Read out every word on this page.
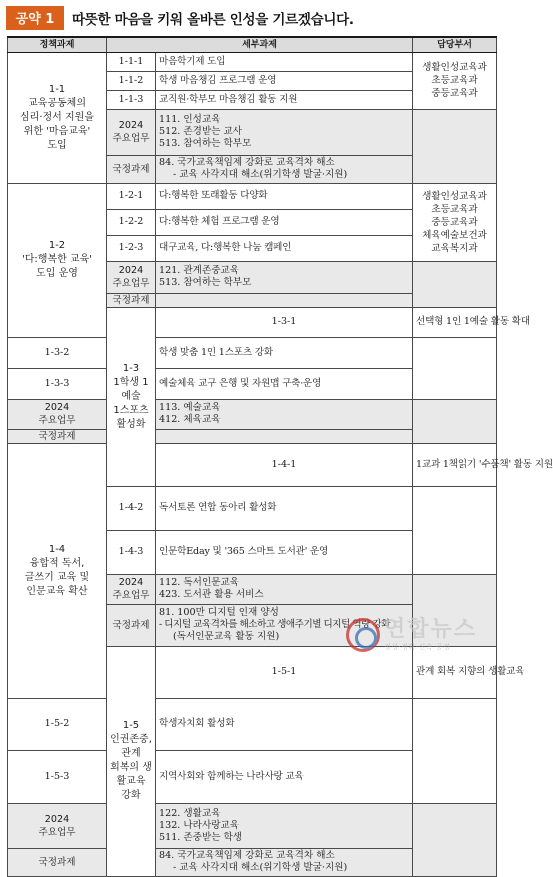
공약 1	따뜻한 마음을 키워 올바른 인성을 기르겠습니다.
정책과제	세부과제		담당부서	

1-1
교육공동체의
심리·정서 지원을
위한 '마음교육'
도입	1-1-1	마음학기제 도입	생활인성교육과
초등교육과
중등교육과	

	1-1-2	학생 마음챙김 프로그램 운영		
	1-1-3	교직원·학부모 마음챙김 활동 지원		

	2024
주요업무	111. 인성교육
512. 존경받는 교사
513. 참여하는 학부모		

	국정과제	84. 국가교육책임제 강화로 교육격차 해소
- 교육 사각지대 해소(위기학생 발굴·지원)		

1-2
'다:행복한 교육'
도입 운영	1-2-1	다:행복한 또래활동 다양화	생활인성교육과
초등교육과
중등교육과
체육예술보건과
교육복지과	

	1-2-2	다:행복한 체험 프로그램 운영		
	1-2-3	대구교육, 다:행복한 나눔 캠페인		

	2024
주요업무	121. 관계존중교육
513. 참여하는 학부모		

	국정과제			

	1-3
1학생 1예술
1스포츠 활성화	1-3-1	선택형 1인 1예술 활동 확대	

1-3-2		학생 맞춤 1인 1스포츠 강화		
1-3-3		예술체육 교구 은행 및 자원맵 구축·운영		

2024
주요업무		113. 예술교육
412. 체육교육		

국정과제				

1-4
융합적 독서,
글쓰기 교육 및
인문교육 확산		1-4-1	1교과 1책읽기 '수품책' 활동 지원	

	1-4-2	독서토론 연합 동아리 활성화		
	1-4-3	인문학Eday 및 '365 스마트 도서관' 운영		

	2024
주요업무	112. 독서인문교육
423. 도서관 활용 서비스		

	국정과제	81. 100만 디지털 인재 양성
- 디지털 교육격차를 해소하고 생애주기별 디지털 역량 강화
(독서인문교육 활동 지원)		

	1-5
인권존중, 관계
회복의 생활교육
강화	1-5-1	관계 회복 지향의 생활교육	

1-5-2		학생자치회 활성화		
1-5-3		지역사회와 함께하는 나라사랑 교육		

2024
주요업무		122. 생활교육
132. 나라사랑교육
511. 존중받는 학생		

국정과제		84. 국가교육책임제 강화로 교육격차 해소
- 교육 사각지대 해소(위기학생 발굴·지원)		
연합뉴스
정성·정확·신속·공정
